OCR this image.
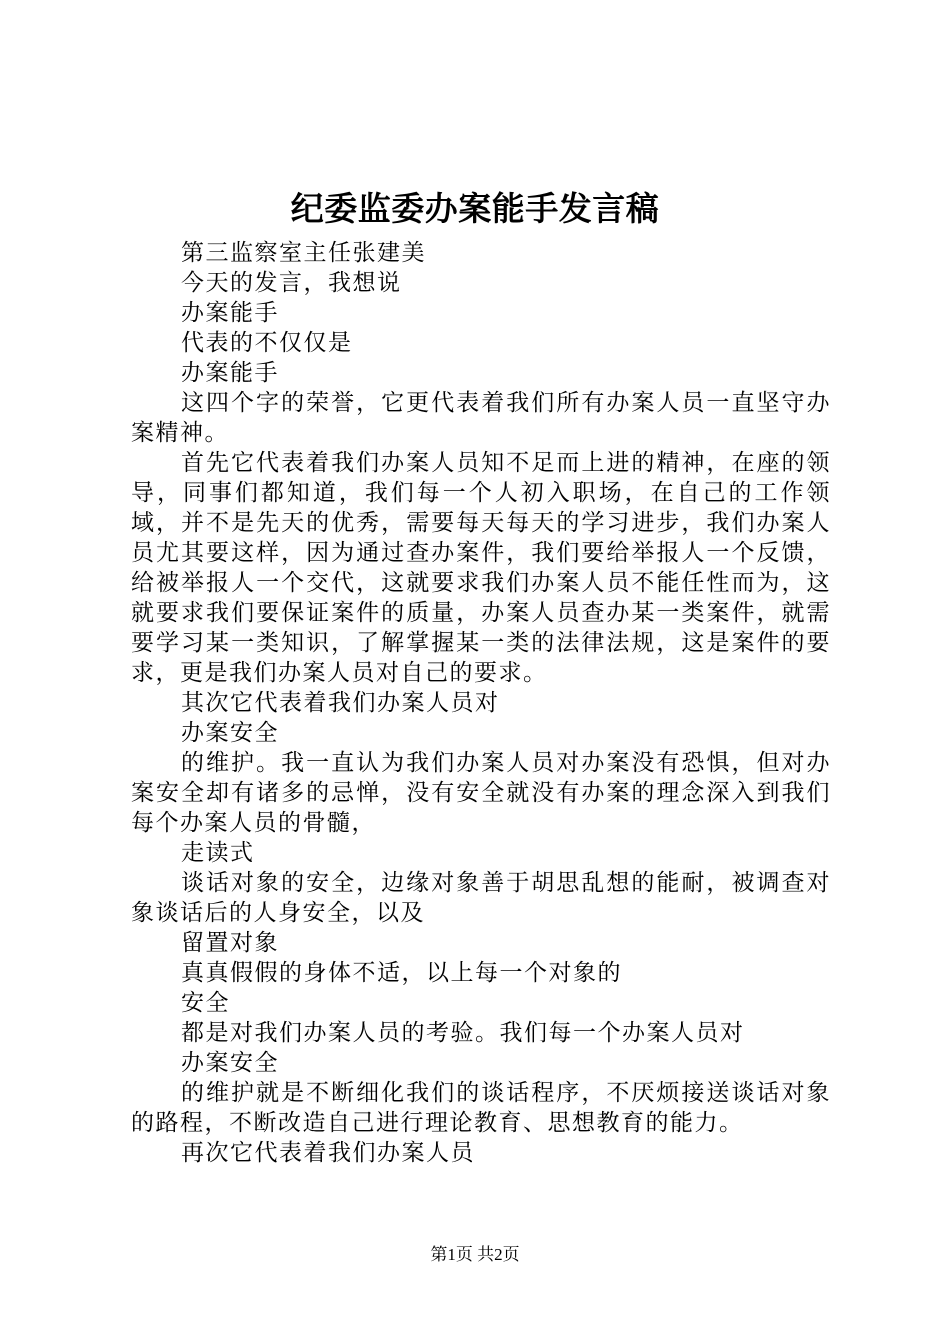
纪委监委办案能手发言稿

第三监察室主任张建美

今天的发言，我想说

办案能手

代表的不仅仅是

办案能手

这四个字的荣誉，它更代表着我们所有办案人员一直坚守办案精神。

首先它代表着我们办案人员知不足而上进的精神，在座的领导，同事们都知道，我们每一个人初入职场，在自己的工作领域，并不是先天的优秀，需要每天每天的学习进步，我们办案人员尤其要这样，因为通过查办案件，我们要给举报人一个反馈，给被举报人一个交代，这就要求我们办案人员不能任性而为，这就要求我们要保证案件的质量，办案人员查办某一类案件，就需要学习某一类知识，了解掌握某一类的法律法规，这是案件的要求，更是我们办案人员对自己的要求。

其次它代表着我们办案人员对

办案安全

的维护。我一直认为我们办案人员对办案没有恐惧，但对办案安全却有诸多的忌惮，没有安全就没有办案的理念深入到我们每个办案人员的骨髓，

走读式

谈话对象的安全，边缘对象善于胡思乱想的能耐，被调查对象谈话后的人身安全，以及

留置对象

真真假假的身体不适，以上每一个对象的

安全

都是对我们办案人员的考验。我们每一个办案人员对

办案安全

的维护就是不断细化我们的谈话程序，不厌烦接送谈话对象的路程，不断改造自己进行理论教育、思想教育的能力。

再次它代表着我们办案人员

第1页 共2页
